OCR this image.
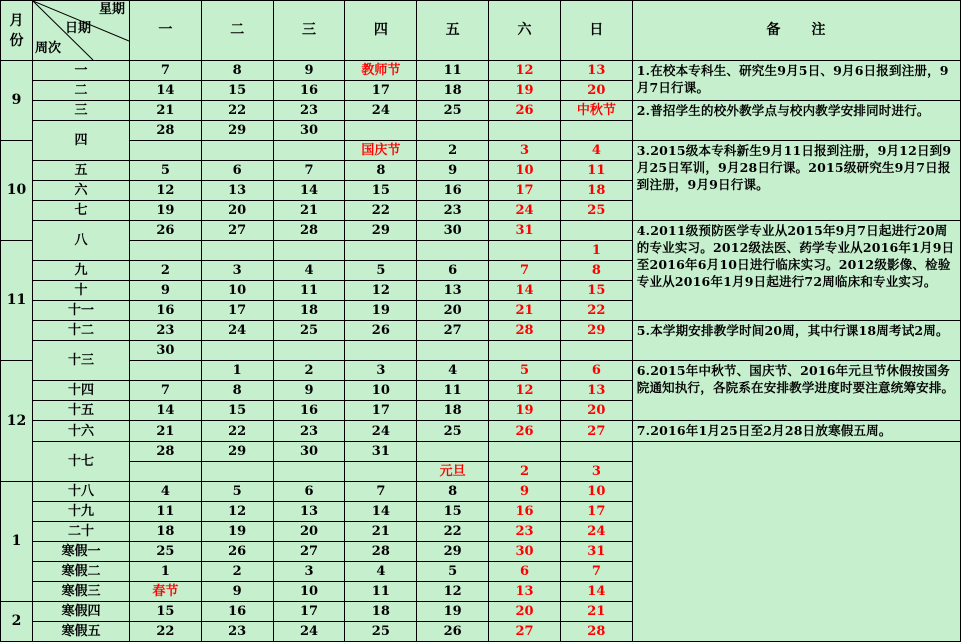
月
份	星期
日期
周次	一	二	三	四	五	六	日	备　　注
9	一	7	8	9	教师节	11	12	13	1.在校本专科生、研究生9月5日、9月6日报到注册，9月7日行课。

	二	14	15	16	17	18	19	20	
	三	21	22	23	24	25	26	中秋节	2.普招学生的校外教学点与校内教学安排同时进行。

	四	28	29	30					
10					国庆节	2	3	4	3.2015级本专科新生9月11日报到注册，9月12日到9月25日军训，9月28日行课。2015级研究生9月7日报到注册，9月9日行课。

	五	5	6	7	8	9	10	11	
	六	12	13	14	15	16	17	18	
	七	19	20	21	22	23	24	25	
	八	26	27	28	29	30	31		4.2011级预防医学专业从2015年9月7日起进行20周的专业实习。2012级法医、药学专业从2016年1月9日至2016年6月10日进行临床实习。2012级影像、检验专业从2016年1月9日起进行72周临床和专业实习。

11								1	
	九	2	3	4	5	6	7	8	
	十	9	10	11	12	13	14	15	
	十一	16	17	18	19	20	21	22	
	十二	23	24	25	26	27	28	29	5.本学期安排教学时间20周，其中行课18周考试2周。

	十三	30							
12			1	2	3	4	5	6	6.2015年中秋节、国庆节、2016年元旦节休假按国务院通知执行，各院系在安排教学进度时要注意统筹安排。

	十四	7	8	9	10	11	12	13	
	十五	14	15	16	17	18	19	20	
	十六	21	22	23	24	25	26	27	7.2016年1月25日至2月28日放寒假五周。

	十七	28	29	30	31				

						元旦	2	3	
1	十八	4	5	6	7	8	9	10	
	十九	11	12	13	14	15	16	17	
	二十	18	19	20	21	22	23	24	
	寒假一	25	26	27	28	29	30	31	
	寒假二	1	2	3	4	5	6	7	
	寒假三	春节	9	10	11	12	13	14	
2	寒假四	15	16	17	18	19	20	21	
	寒假五	22	23	24	25	26	27	28	
